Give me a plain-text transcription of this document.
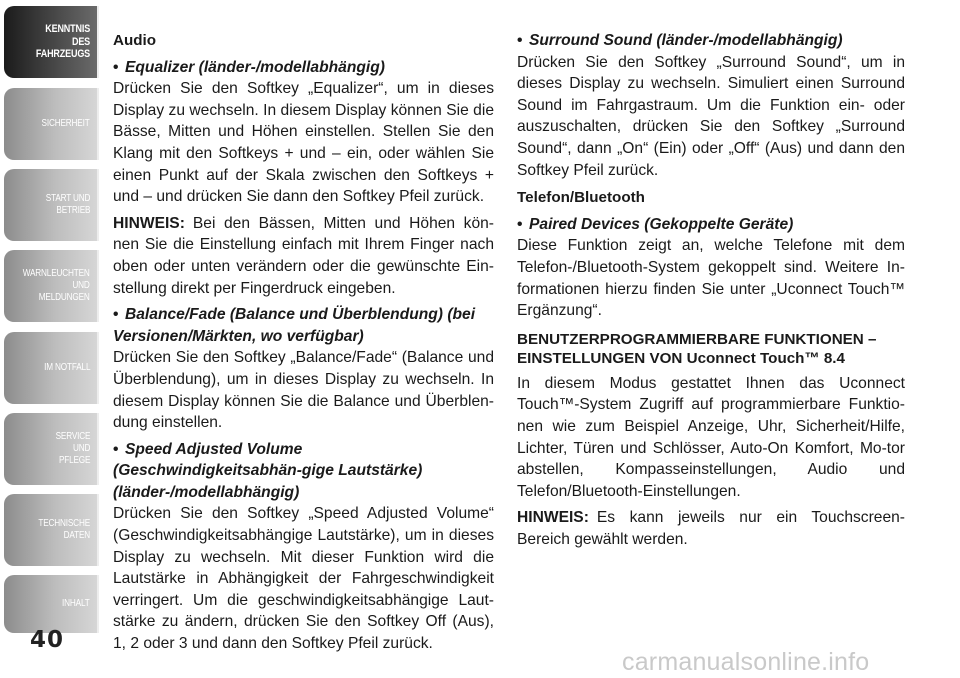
KENNTNIS
DES
FAHRZEUGS
SICHERHEIT
START UND
BETRIEB
WARNLEUCHTEN
UND
MELDUNGEN
IM NOTFALL
SERVICE
UND
PFLEGE
TECHNISCHE
DATEN
INHALT
40
Audio
• Equalizer (länder-/modellabhängig)

Drücken Sie den Softkey „Equalizer“, um in dieses Display zu wechseln. In diesem Display können Sie die Bässe, Mitten und Höhen einstellen. Stellen Sie den Klang mit den Softkeys + und – ein, oder wählen Sie einen Punkt auf der Skala zwischen den Softkeys + und – und drücken Sie dann den Softkey Pfeil zurück.

HINWEIS: Bei den Bässen, Mitten und Höhen kön-nen Sie die Einstellung einfach mit Ihrem Finger nach oben oder unten verändern oder die gewünschte Ein-stellung direkt per Fingerdruck eingeben.

• Balance/Fade (Balance und Überblendung) (bei Versionen/Märkten, wo verfügbar)

Drücken Sie den Softkey „Balance/Fade“ (Balance und Überblendung), um in dieses Display zu wechseln. In diesem Display können Sie die Balance und Überblen-dung einstellen.

• Speed Adjusted Volume (Geschwindigkeitsabhän-gige Lautstärke) (länder-/modellabhängig)

Drücken Sie den Softkey „Speed Adjusted Volume“ (Geschwindigkeitsabhängige Lautstärke), um in dieses Display zu wechseln. Mit dieser Funktion wird die Lautstärke in Abhängigkeit der Fahrgeschwindigkeit verringert. Um die geschwindigkeitsabhängige Laut-stärke zu ändern, drücken Sie den Softkey Off (Aus), 1, 2 oder 3 und dann den Softkey Pfeil zurück.

• Surround Sound (länder-/modellabhängig)

Drücken Sie den Softkey „Surround Sound“, um in dieses Display zu wechseln. Simuliert einen Surround Sound im Fahrgastraum. Um die Funktion ein- oder auszuschalten, drücken Sie den Softkey „Surround Sound“, dann „On“ (Ein) oder „Off“ (Aus) und dann den Softkey Pfeil zurück.

Telefon/Bluetooth
• Paired Devices (Gekoppelte Geräte)

Diese Funktion zeigt an, welche Telefone mit dem Telefon-/Bluetooth-System gekoppelt sind. Weitere In-formationen hierzu finden Sie unter „Uconnect Touch™ Ergänzung“.

BENUTZERPROGRAMMIERBARE FUNKTIONEN – EINSTELLUNGEN VON Uconnect Touch™ 8.4

In diesem Modus gestattet Ihnen das Uconnect Touch™-System Zugriff auf programmierbare Funktio-nen wie zum Beispiel Anzeige, Uhr, Sicherheit/Hilfe, Lichter, Türen und Schlösser, Auto-On Komfort, Mo-tor abstellen, Kompasseinstellungen, Audio und Telefon/Bluetooth-Einstellungen.

HINWEIS: Es kann jeweils nur ein Touchscreen-Bereich gewählt werden.

carmanualsonline.info
